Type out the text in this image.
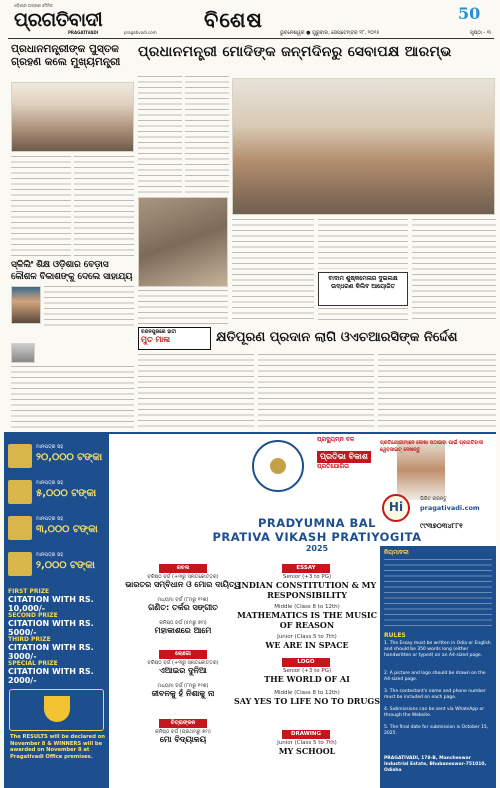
ଓଡ଼ିଶାର ଅଗ୍ରଣୀ ଦୈନିକ
ପ୍ରଗତିବାଦୀ
PRAGATIVADI	pragativadi.com
ବିଶେଷ	50
ଭୁବନେଶ୍ୱର ● ଗୁରୁବାର, ସେପ୍ଟେମ୍ବର ୧୮, ୨୦୨୫	ପୃଷ୍ଠା - ୩
ପ୍ରଧାନମନ୍ତ୍ରୀଙ୍କ ପୁସ୍ତକ ଗ୍ରହଣ କଲେ ମୁଖ୍ୟମନ୍ତ୍ରୀ
ସ୍କିଲିଂ ଶିକ୍ଷ ଓଡ଼ିଶାର ବେଡ଼ାସ କୌଶଳ ବିକାଶଙ୍କୁ ଦେଲେ ସାହାଯ୍ୟ
ପ୍ରଧାନମନ୍ତ୍ରୀ ମୋଦିଙ୍କ ଜନ୍ମଦିନରୁ ସେବାପକ୍ଷ ଆରମ୍ଭ
ବାଦାମ ଶୁଷ୍କମେଳାର ଦୁଇଲକ୍ଷ ଉଦ୍ଧରଣ କିଲିବ ଆୟୋଜିତ
ଚନ୍ଦନପୁରରେ ହାତୀ
ମୁତ ମାଳା	କ୍ଷତିପୂରଣ ପ୍ରଦାନ ଲାଗି ଓଏଚଆରସିଙ୍କ ନିର୍ଦ୍ଦେଶ
ମାନପତ୍ର ସହ
୨୦,୦୦୦ ଟଙ୍କା
ମାନପତ୍ର ସହ
୫,୦୦୦ ଟଙ୍କା
ମାନପତ୍ର ସହ
୩,୦୦୦ ଟଙ୍କା
ମାନପତ୍ର ସହ
୨,୦୦୦ ଟଙ୍କା
FIRST PRIZE
CITATION WITH RS. 10,000/-
SECOND PRIZE
CITATION WITH RS. 5000/-
THIRD PRIZE
CITATION WITH RS. 3000/-
SPECIAL PRIZE
CITATION WITH RS. 2000/-
The RESULTS will be declared on November 8 & WINNERS will be awarded on November 8 at Pragativadi Office premises.
ପ୍ରଦ୍ୟୁମ୍ନ ବଳ
ପ୍ରତିଭା ବିକାଶ
ପ୍ରତିଯୋଗିତା
PRADYUMNA BAL
PRATIVA VIKASH PRATIYOGITA
2025
ରଚନା
ବରିଷ୍ଠ ବର୍ଗ (+୩ରୁ ସ୍ନାତକୋତ୍ତର)
ଭାରତର ସମ୍ବିଧାନ ଓ ମୋର ଦାୟିତ୍ୱ
ମଧ୍ୟମା ବର୍ଗ (୮ମରୁ ୧୨ଶ)
ଗଣିତ: ତର୍କର ସଙ୍ଗୀତ
କନିଷ୍ଠ ବର୍ଗ (୫ମରୁ ୭ମ)
ମହାକାଶରେ ଆମେ
ଲୋଗୋ
ବରିଷ୍ଠ ବର୍ଗ (+୩ରୁ ସ୍ନାତକୋତ୍ତର)
ଏଆଇର ଦୁନିଆ
ମଧ୍ୟମା ବର୍ଗ (୮ମରୁ ୧୨ଶ)
ଜୀବନକୁ ହଁ ନିଶାକୁ ନା
ଚିତ୍ରାଙ୍କନ
କନିଷ୍ଠ ବର୍ଗ (ପ୍ରଥମରୁ ୭ମ)
ମୋ ବିଦ୍ୟାଳୟ
ESSAY
Senior (+3 to PG)
INDIAN CONSTITUTION & MY RESPONSIBILITY
Middle (Class 8 to 12th)
MATHEMATICS IS THE MUSIC OF REASON
Junior (Class 5 to 7th)
WE ARE IN SPACE
LOGO
Senior (+3 to PG)
THE WORLD OF AI
Middle (Class 8 to 12th)
SAY YES TO LIFE NO TO DRUGS
DRAWING
Junior (Class 5 to 7th)
MY SCHOOL
ପ୍ରତିଯୋଗୀମାନେ ଲେଖା ପଠାଇବା ପାଇଁ ପ୍ରଗତିବାଦୀ ୱେବସାଇଟ୍ ଦେଖନ୍ତୁ
Hi
ଭିଜିଟ୍ କରନ୍ତୁ
pragativadi.com
୯୯୩୭୦୩୪୮୮୧
ନିୟମାବଳୀ
RULES
1. The Essay must be written in Odia or English and should be 350 words long (either handwritten or typed) on an A4-sized page.
2. A picture and logo should be drawn on the A4-sized page.
3. The contestant's name and phone number must be included on each page.
4. Submissions can be sent via WhatsApp or through the Website.
5. The final date for submission is October 15, 2025.
PRAGATIVADI, 178-B, Mancheswar Industrial Estate, Bhubaneswar-751010, Odisha
